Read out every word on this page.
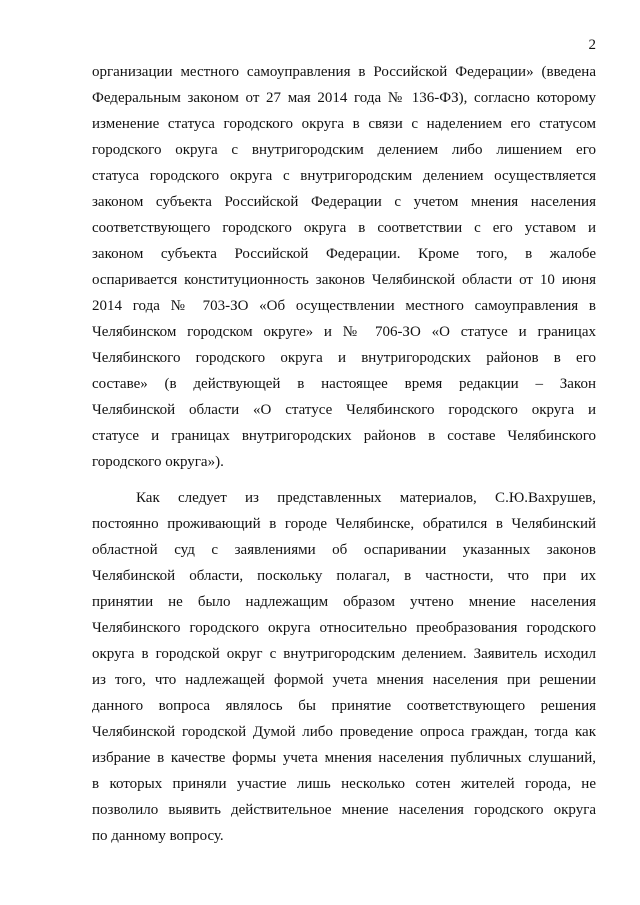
2
организации местного самоуправления в Российской Федерации» (введена
Федеральным законом от 27 мая 2014 года № 136-ФЗ), согласно которому
изменение статуса городского округа в связи с наделением его статусом
городского округа с внутригородским делением либо лишением его
статуса городского округа с внутригородским делением осуществляется
законом субъекта Российской Федерации с учетом мнения населения
соответствующего городского округа в соответствии с его уставом и
законом субъекта Российской Федерации. Кроме того, в жалобе
оспаривается конституционность законов Челябинской области от 10 июня
2014 года № 703-ЗО «Об осуществлении местного самоуправления в
Челябинском городском округе» и № 706-ЗО «О статусе и границах
Челябинского городского округа и внутригородских районов в его
составе» (в действующей в настоящее время редакции – Закон
Челябинской области «О статусе Челябинского городского округа и
статусе и границах внутригородских районов в составе Челябинского
городского округа»).
Как следует из представленных материалов, С.Ю.Вахрушев,
постоянно проживающий в городе Челябинске, обратился в Челябинский
областной суд с заявлениями об оспаривании указанных законов
Челябинской области, поскольку полагал, в частности, что при их
принятии не было надлежащим образом учтено мнение населения
Челябинского городского округа относительно преобразования городского
округа в городской округ с внутригородским делением. Заявитель исходил
из того, что надлежащей формой учета мнения населения при решении
данного вопроса являлось бы принятие соответствующего решения
Челябинской городской Думой либо проведение опроса граждан, тогда как
избрание в качестве формы учета мнения населения публичных слушаний,
в которых приняли участие лишь несколько сотен жителей города, не
позволило выявить действительное мнение населения городского округа
по данному вопросу.
